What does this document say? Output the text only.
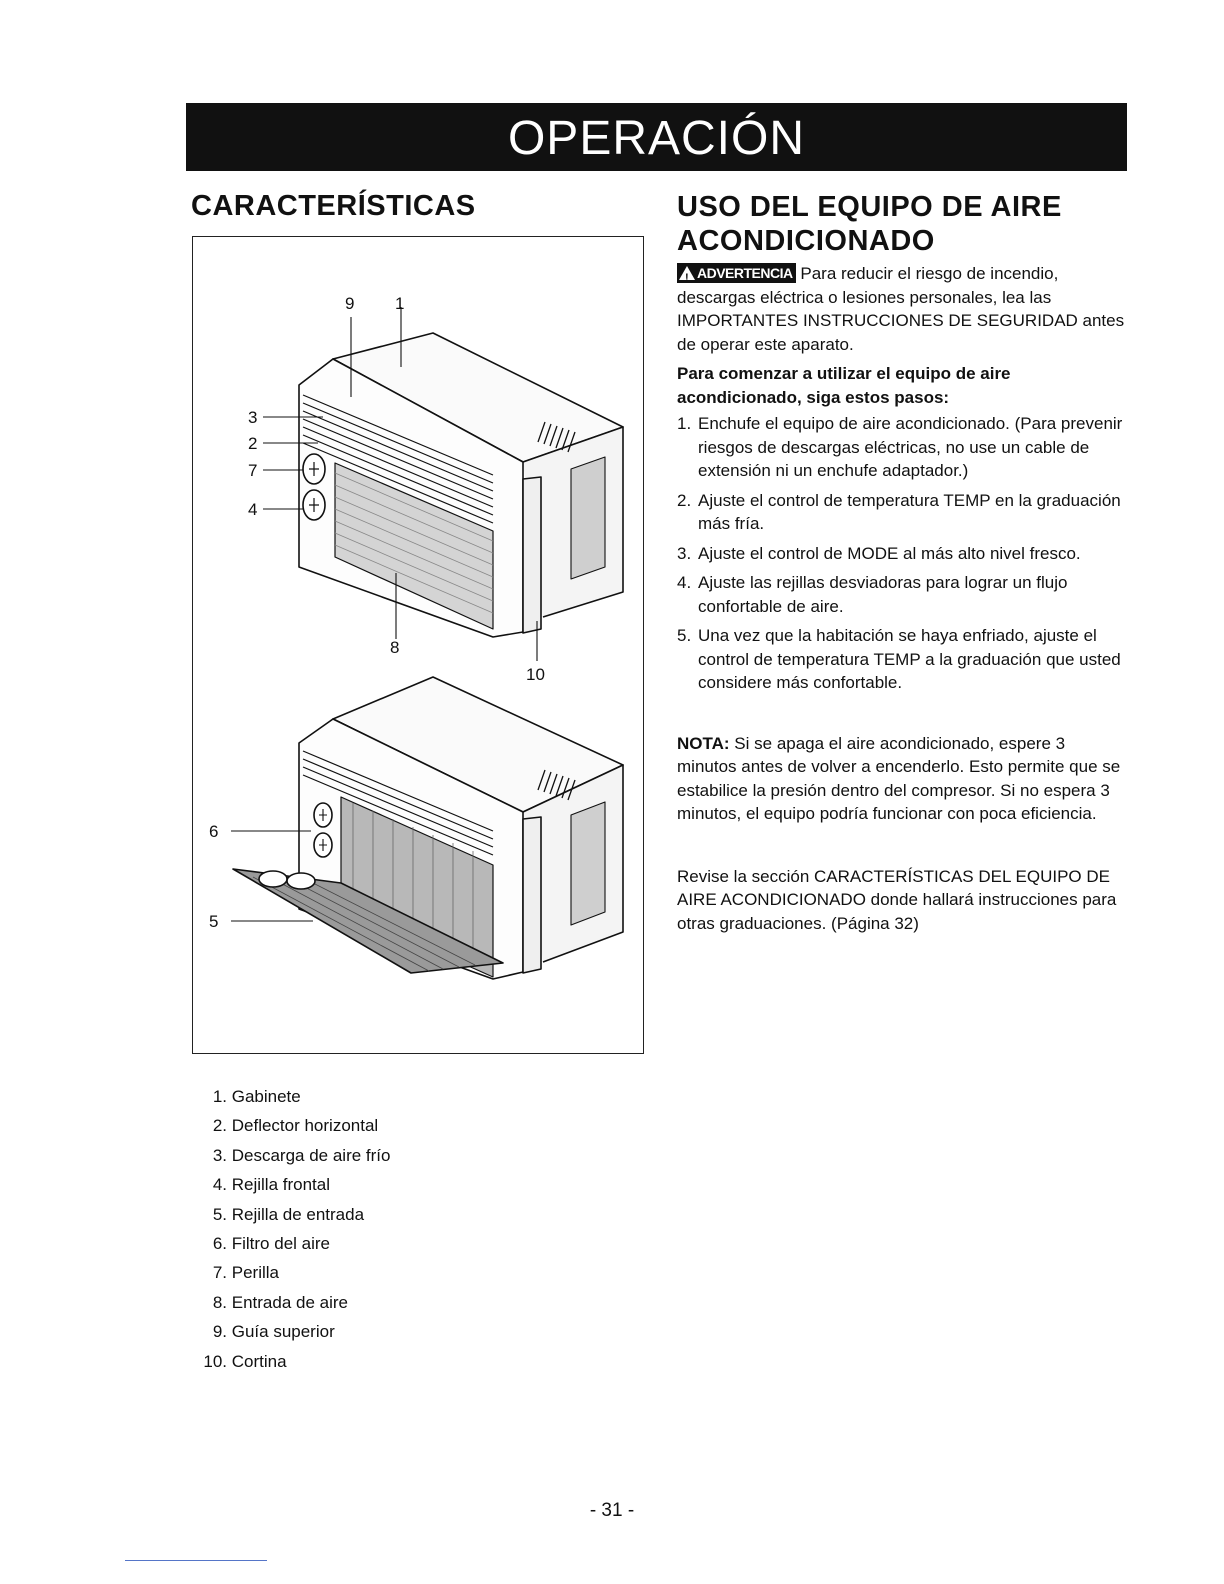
OPERACIÓN
CARACTERÍSTICAS	USO DEL EQUIPO DE AIRE ACONDICIONADO
9 1
3
2
7
4
8
10
6
5

! ADVERTENCIA Para reducir el riesgo de incendio, descargas eléctrica o lesiones personales, lea las IMPORTANTES INSTRUCCIONES DE SEGURIDAD antes de operar este aparato.

Para comenzar a utilizar el equipo de aire acondicionado, siga estos pasos:

1. Enchufe el equipo de aire acondicionado. (Para prevenir riesgos de descargas eléctricas, no use un cable de extensión ni un enchufe adaptador.)
2. Ajuste el control de temperatura TEMP en la graduación más fría.
3. Ajuste el control de MODE al más alto nivel fresco.
4. Ajuste las rejillas desviadoras para lograr un flujo confortable de aire.
5. Una vez que la habitación se haya enfriado, ajuste el control de temperatura TEMP a la graduación que usted considere más confortable.

NOTA: Si se apaga el aire acondicionado, espere 3 minutos antes de volver a encenderlo. Esto permite que se estabilice la presión dentro del compresor. Si no espera 3 minutos, el equipo podría funcionar con poca eficiencia.

Revise la sección CARACTERÍSTICAS DEL EQUIPO DE AIRE ACONDICIONADO donde hallará instrucciones para otras graduaciones. (Página 32)

1. Gabinete
2. Deflector horizontal
3. Descarga de aire frío
4. Rejilla frontal
5. Rejilla de entrada
6. Filtro del aire
7. Perilla
8. Entrada de aire
9. Guía superior
10. Cortina
- 31 -
